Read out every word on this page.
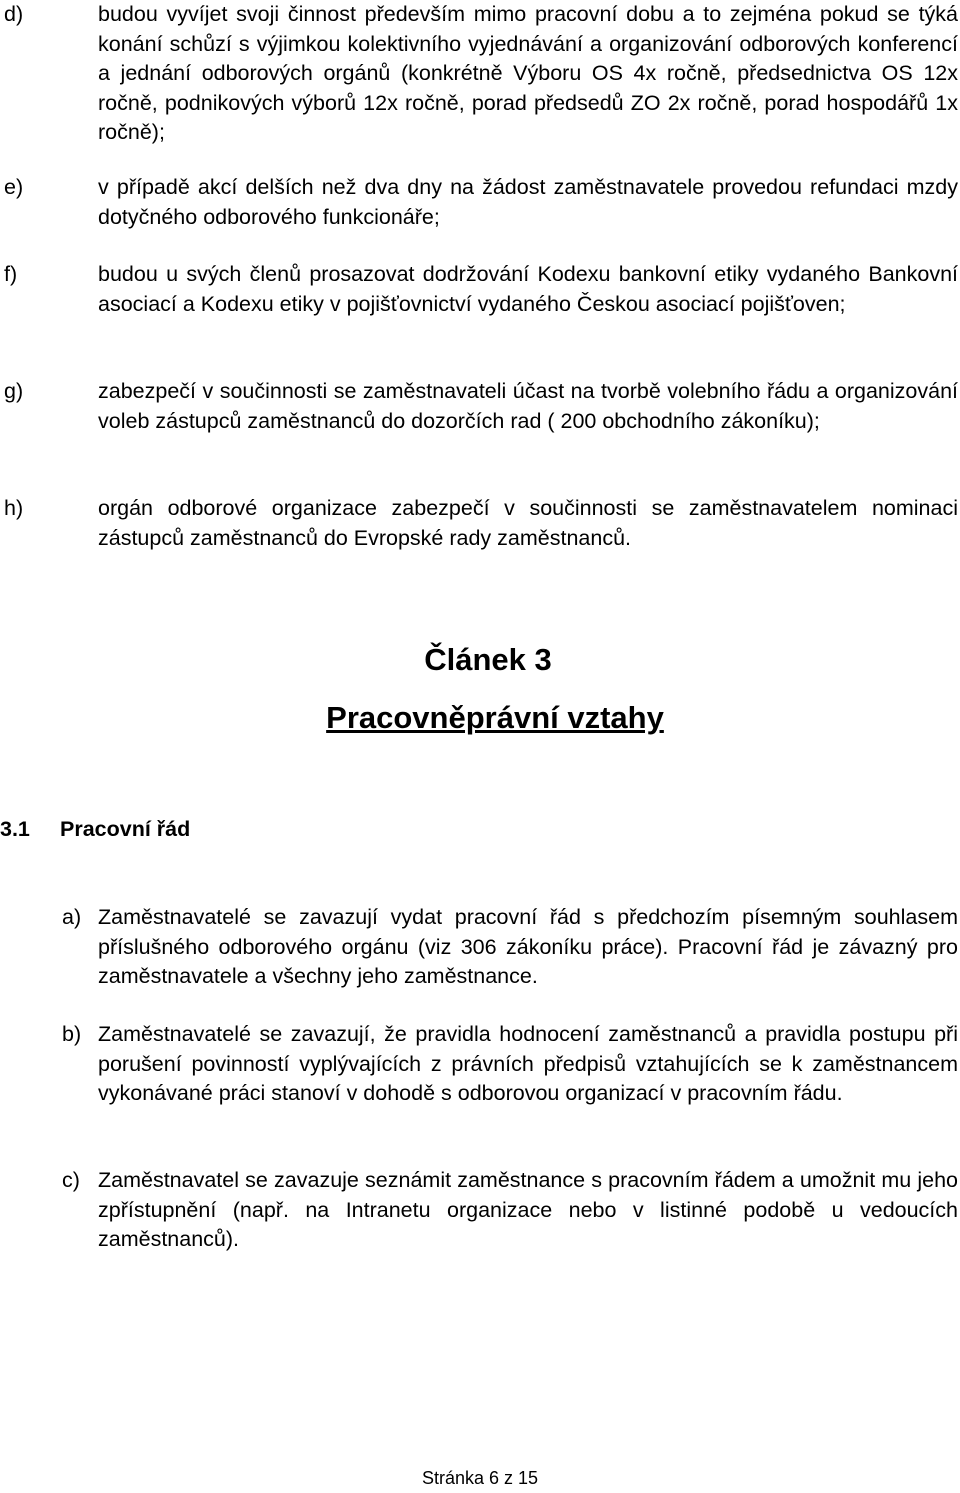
d)	budou vyvíjet svoji činnost především mimo pracovní dobu a to zejména pokud se týká konání schůzí s výjimkou kolektivního vyjednávání a organizování odborových konferencí a jednání odborových orgánů (konkrétně Výboru OS 4x ročně, předsednictva OS 12x ročně, podnikových výborů 12x ročně, porad předsedů ZO 2x ročně, porad hospodářů 1x ročně);
e)	v případě akcí delších než dva dny na žádost zaměstnavatele provedou refundaci mzdy dotyčného odborového funkcionáře;
f)	budou u svých členů prosazovat dodržování Kodexu bankovní etiky vydaného Bankovní asociací a Kodexu etiky v pojišťovnictví vydaného Českou asociací pojišťoven;
g)	zabezpečí v součinnosti se zaměstnavateli účast na tvorbě volebního řádu a organizování voleb zástupců zaměstnanců do dozorčích rad ( 200 obchodního zákoníku);
h)	orgán odborové organizace zabezpečí v součinnosti se zaměstnavatelem nominaci zástupců zaměstnanců do Evropské rady zaměstnanců.
Článek 3
Pracovněprávní vztahy
3.1 Pracovní řád
a) Zaměstnavatelé se zavazují vydat pracovní řád s předchozím písemným souhlasem příslušného odborového orgánu (viz 306 zákoníku práce). Pracovní řád je závazný pro zaměstnavatele a všechny jeho zaměstnance.
b) Zaměstnavatelé se zavazují, že pravidla hodnocení zaměstnanců a pravidla postupu při porušení povinností vyplývajících z právních předpisů vztahujících se k zaměstnancem vykonávané práci stanoví v dohodě s odborovou organizací v pracovním řádu.
c) Zaměstnavatel se zavazuje seznámit zaměstnance s pracovním řádem a umožnit mu jeho zpřístupnění (např. na Intranetu organizace nebo v listinné podobě u vedoucích zaměstnanců).
Stránka 6 z 15
